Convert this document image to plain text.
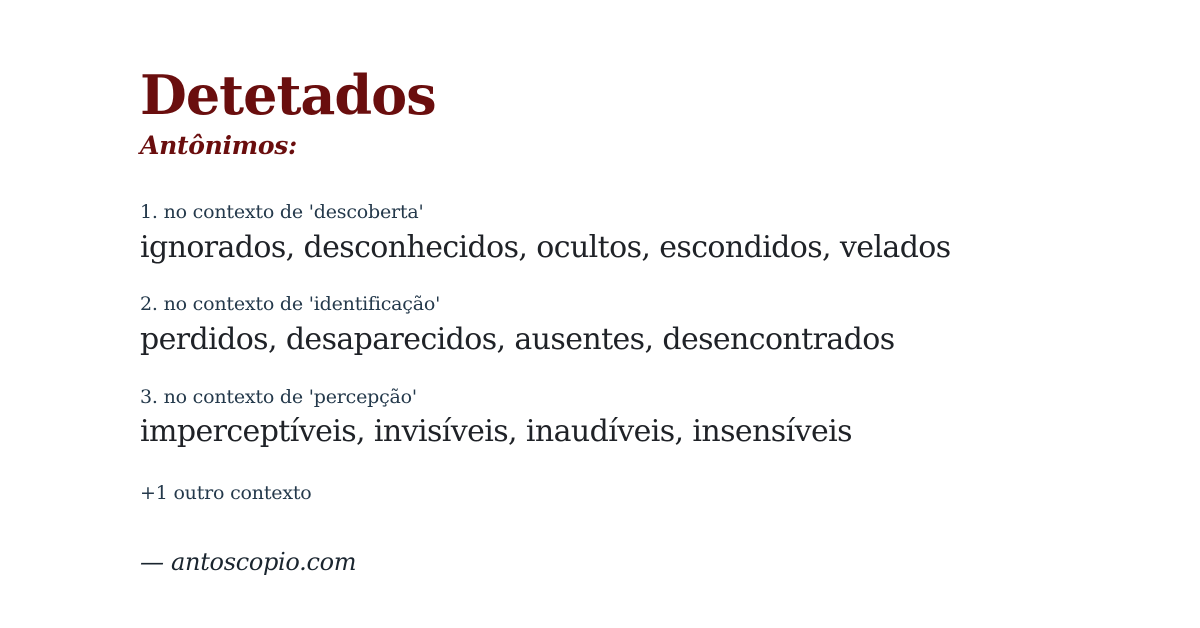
Detetados
Antônimos:
1. no contexto de 'descoberta'
ignorados, desconhecidos, ocultos, escondidos, velados
2. no contexto de 'identificação'
perdidos, desaparecidos, ausentes, desencontrados
3. no contexto de 'percepção'
imperceptíveis, invisíveis, inaudíveis, insensíveis
+1 outro contexto
— antoscopio.com
